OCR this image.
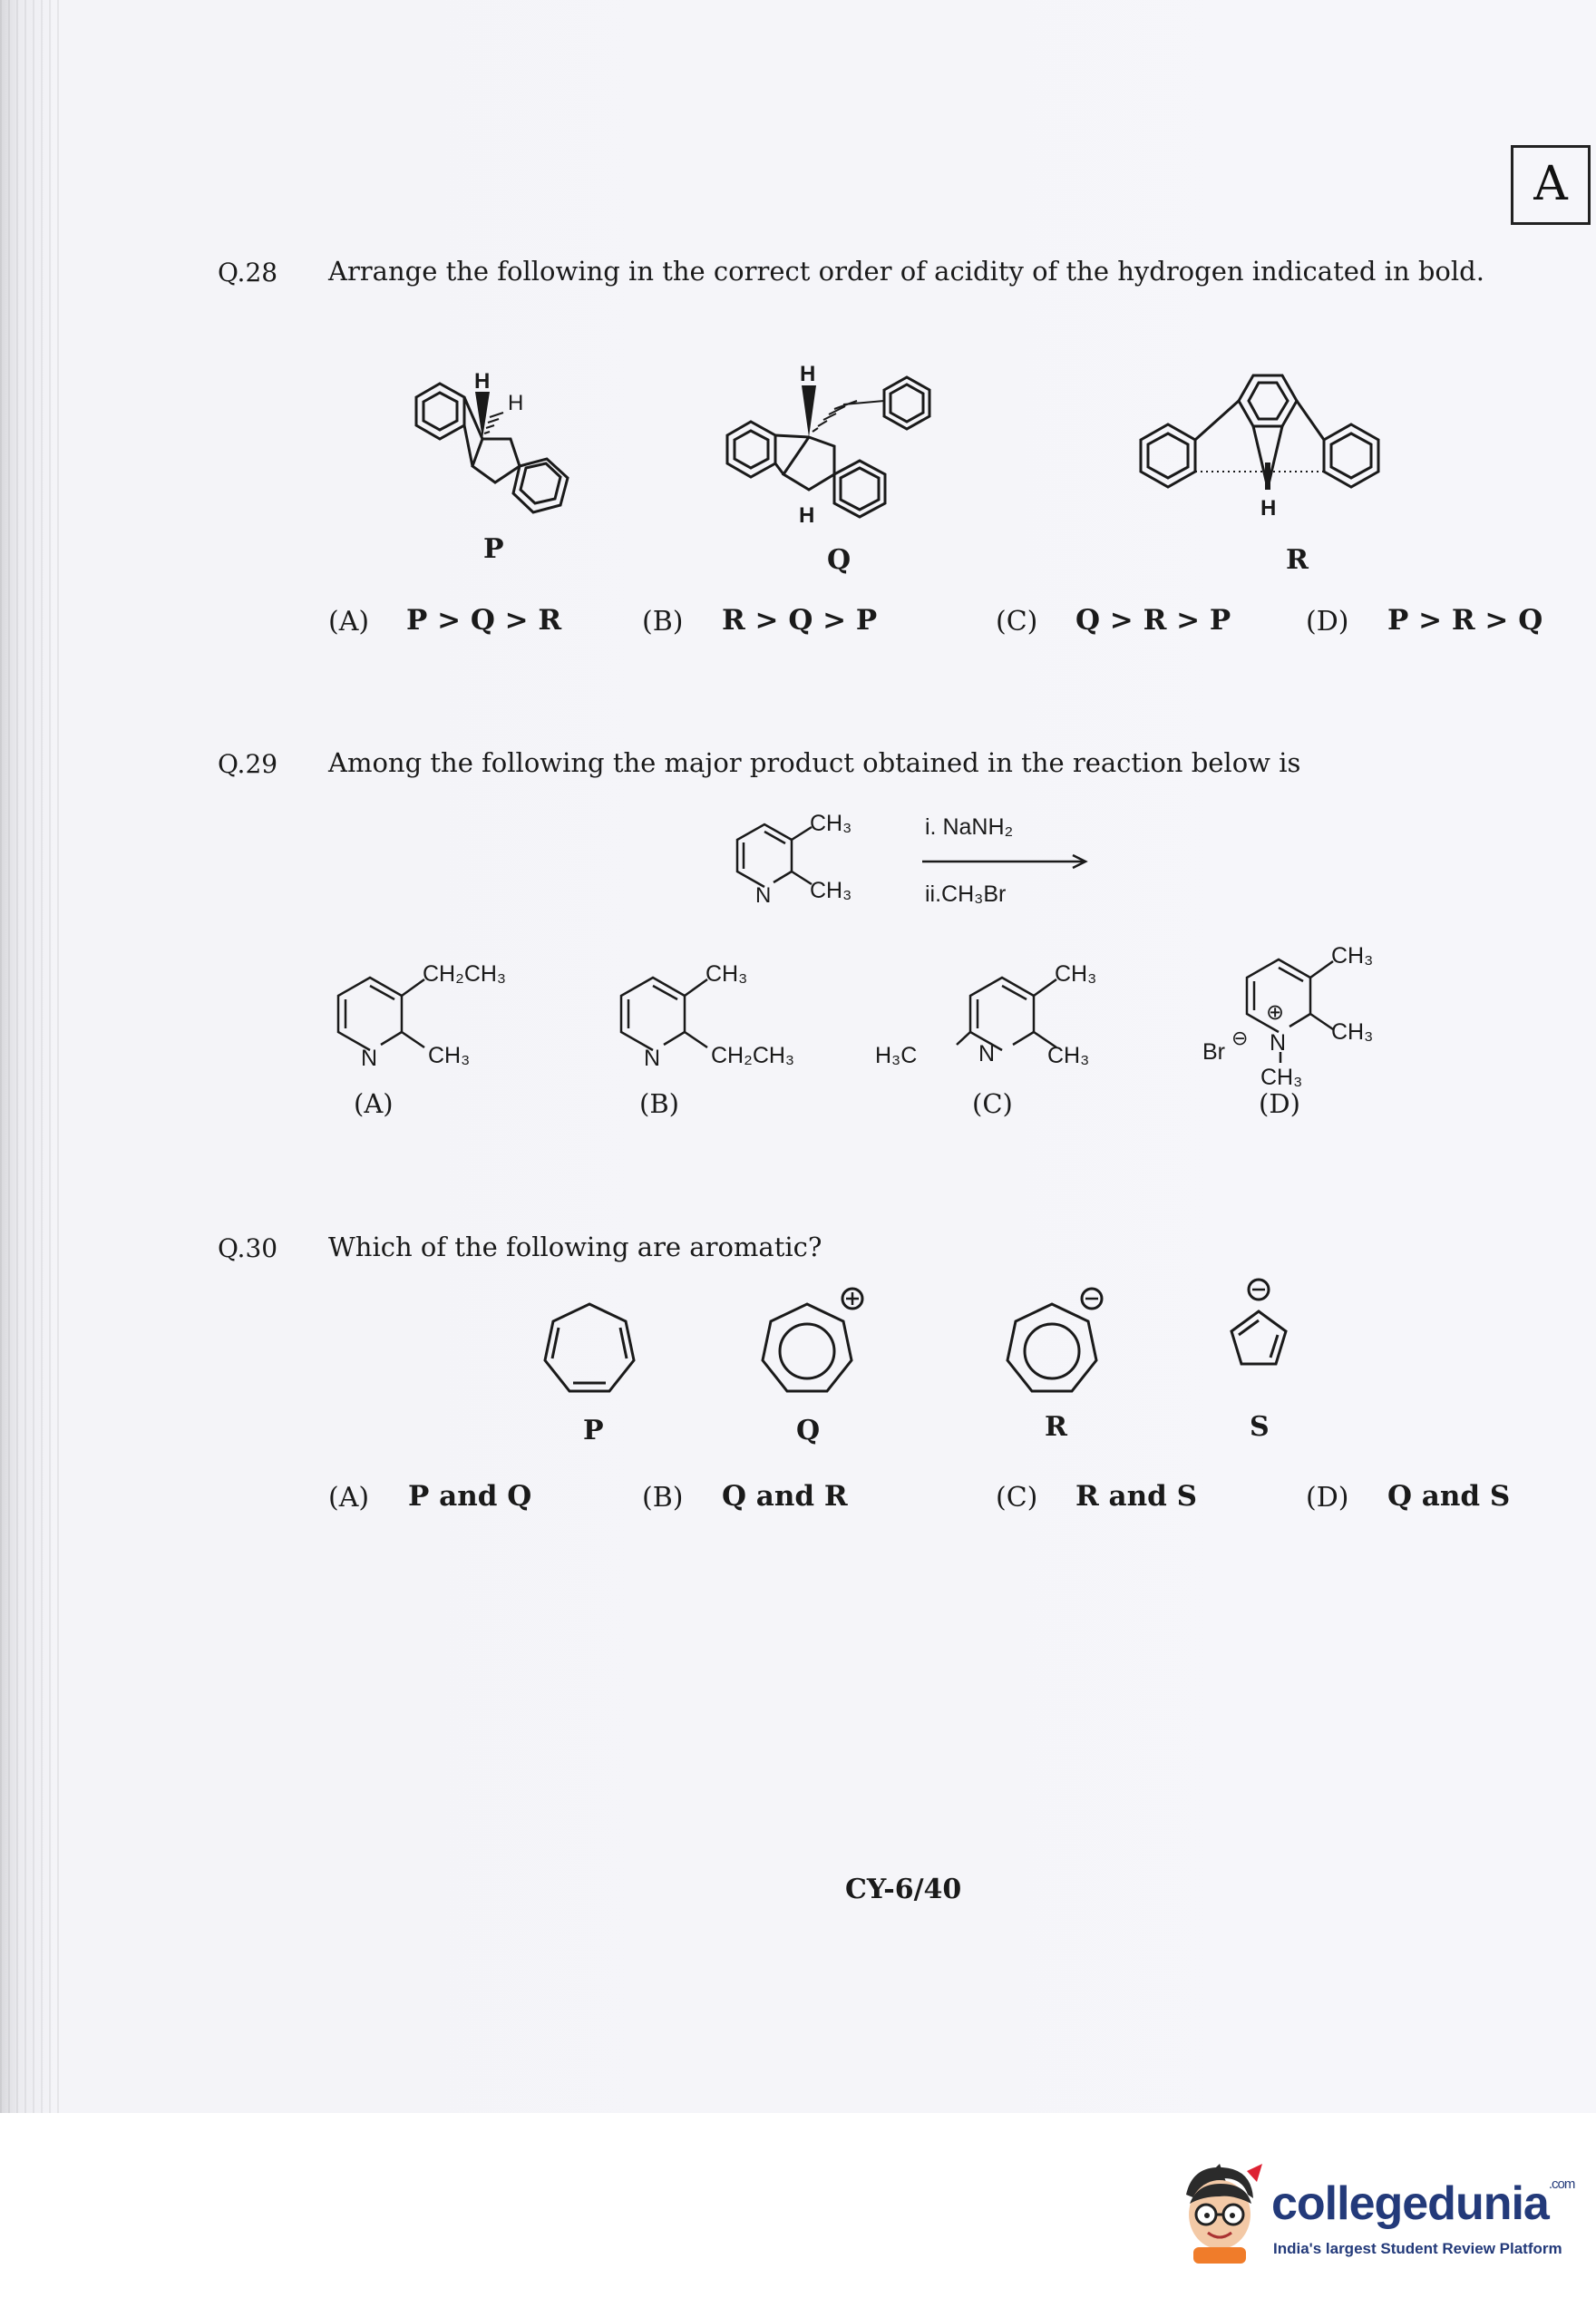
A
Q.28 Arrange the following in the correct order of acidity of the hydrogen indicated in bold.
H
H
P
H
H
Q
H
R
(A) P > Q > R	(B) R > Q > P	(C) Q > R > P	(D) P > R > Q
Q.29 Among the following the major product obtained in the reaction below is
N
CH₃
CH₃
i. NaNH₂
ii.CH₃Br
N
CH₂CH₃
CH₃
(A)
N
CH₃
CH₂CH₃
(B)
H₃C	N
CH₃
CH₃
(C)
⊕
N
Br
⊖
CH₃
CH₃
CH₃
(D)
Q.30 Which of the following are aromatic?
P	Q	R	S
(A) P and Q	(B) Q and R	(C) R and S	(D) Q and S
CY-6/40
collegedunia$^{.com}$
India's largest Student Review Platform
